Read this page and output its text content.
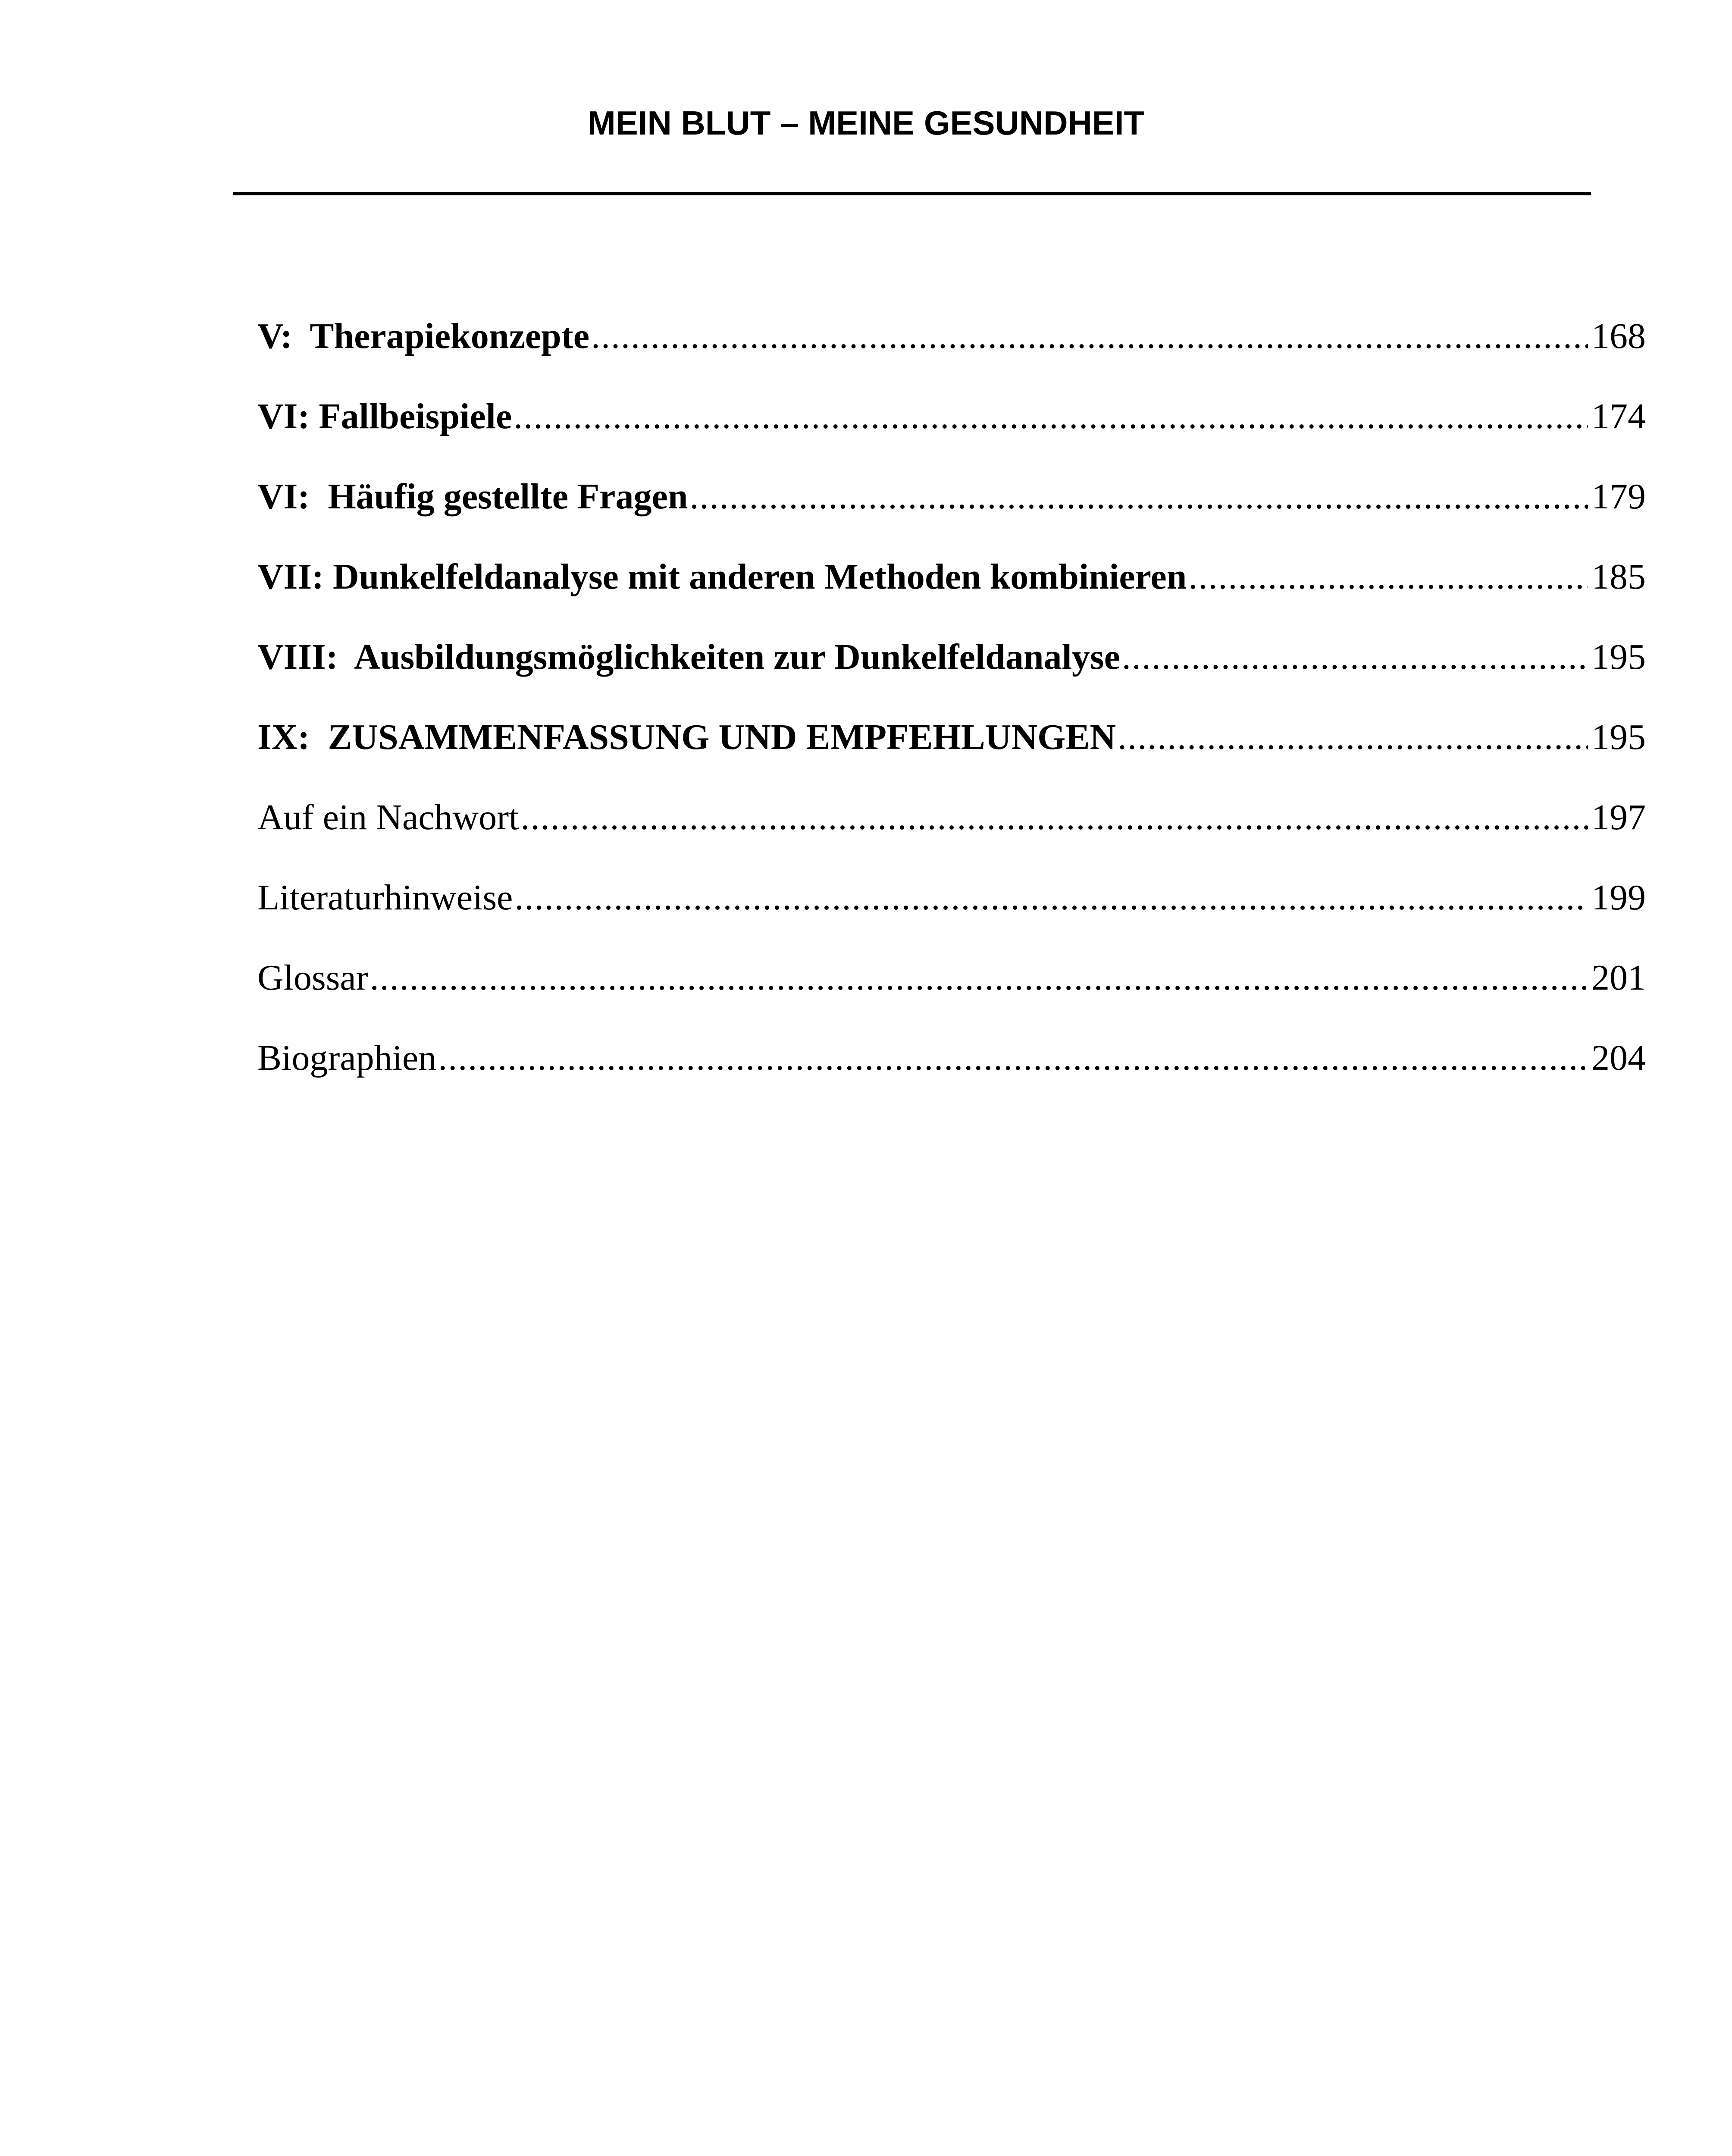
MEIN BLUT – MEINE GESUNDHEIT
V:  Therapiekonzepte .....	168
VI: Fallbeispiele .....	174
VI:  Häufig gestellte Fragen .....	179
VII: Dunkelfeldanalyse mit anderen Methoden kombinieren .....	185
VIII:  Ausbildungsmöglichkeiten zur Dunkelfeldanalyse .....	195
IX:  ZUSAMMENFASSUNG UND EMPFEHLUNGEN .....	195
Auf ein Nachwort .....	197
Literaturhinweise .....	199
Glossar .....	201
Biographien .....	204
